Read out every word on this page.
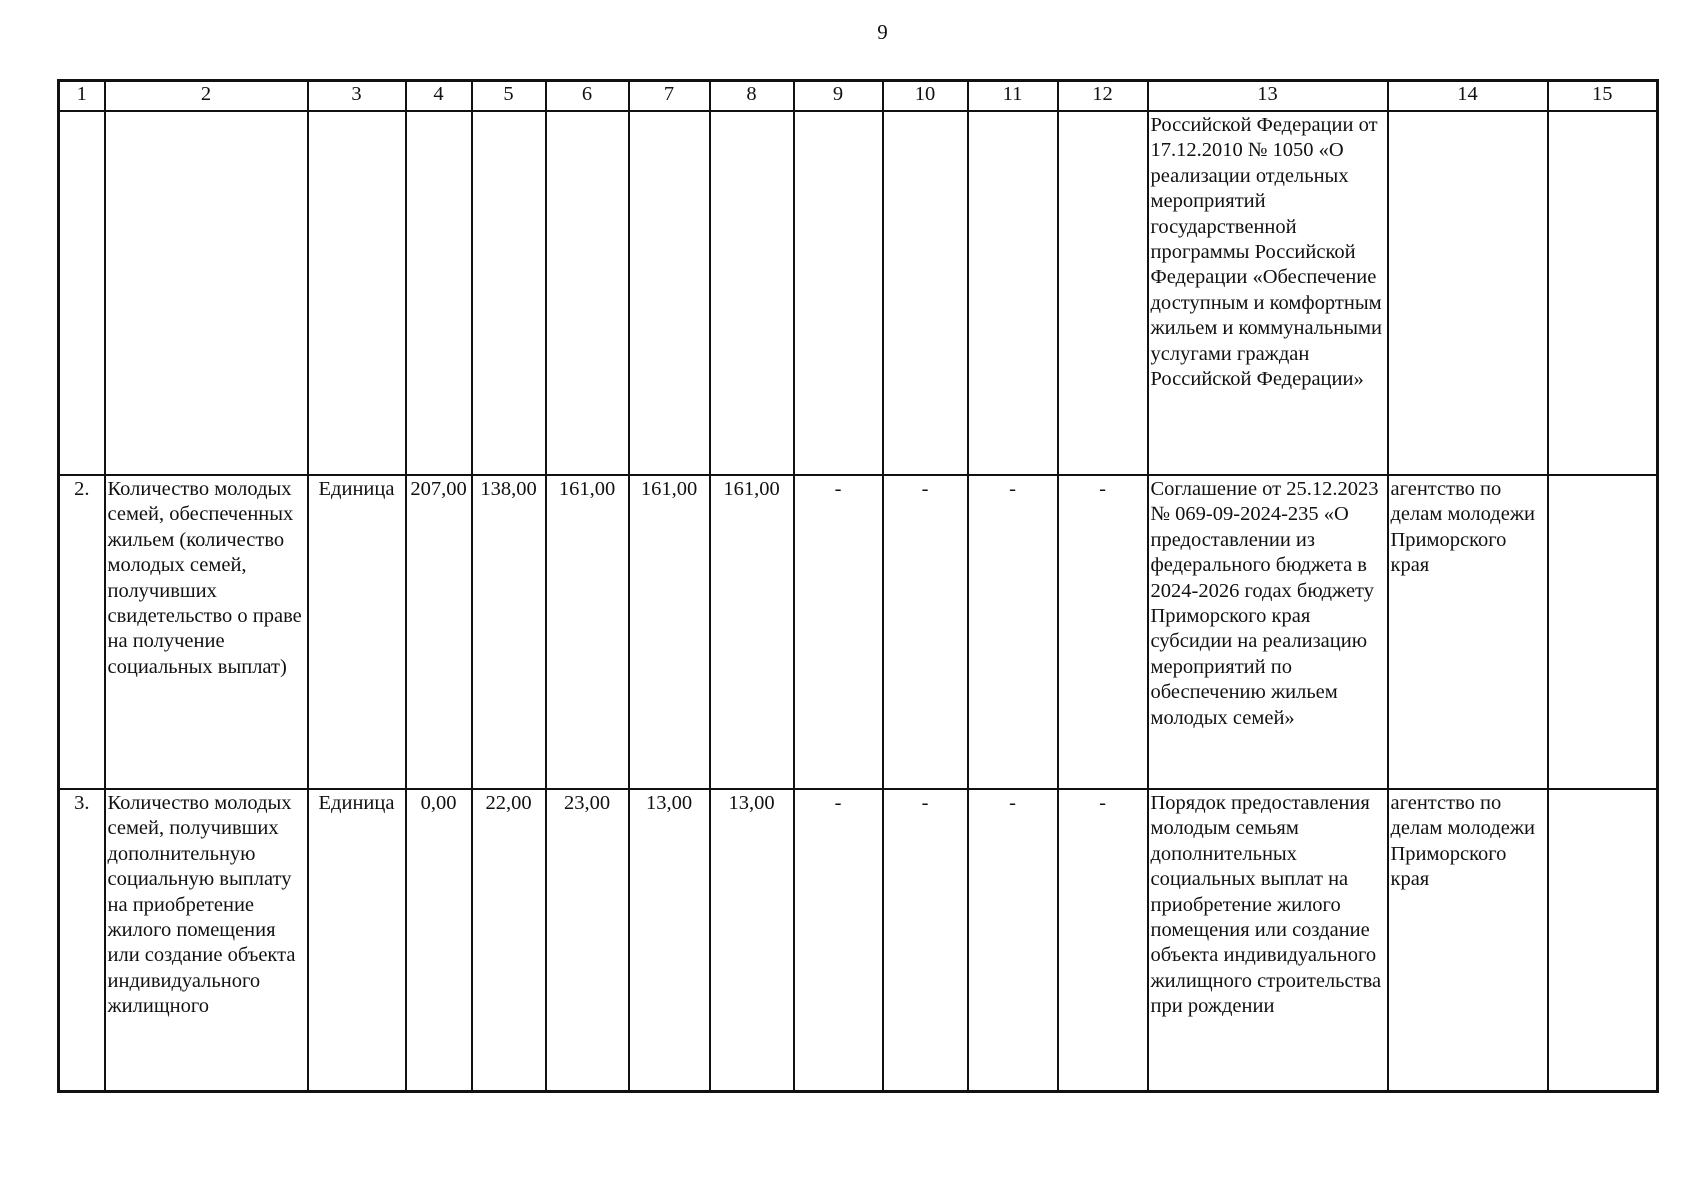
9
1	2	3	4	5	6	7	8	9	10	11	12	13	14	15
												Российской Федерации от 17.12.2010 № 1050 «О реализации отдельных мероприятий государственной программы Российской Федерации «Обеспечение доступным и комфортным жильем и коммунальными услугами граждан Российской Федерации»		
2.	Количество молодых семей, обеспеченных жильем (количество молодых семей, получивших свидетельство о праве на получение социальных выплат)	Единица	207,00	138,00	161,00	161,00	161,00	-	-	-	-	Соглашение от 25.12.2023 № 069-09-2024-235 «О предоставлении из федерального бюджета в 2024-2026 годах бюджету Приморского края субсидии на реализацию мероприятий по обеспечению жильем молодых семей»	агентство по делам молодежи Приморского края	
3.	Количество молодых семей, получивших дополнительную социальную выплату на приобретение жилого помещения или создание объекта индивидуального жилищного	Единица	0,00	22,00	23,00	13,00	13,00	-	-	-	-	Порядок предоставления молодым семьям дополнительных социальных выплат на приобретение жилого помещения или создание объекта индивидуального жилищного строительства при рождении	агентство по делам молодежи Приморского края	
